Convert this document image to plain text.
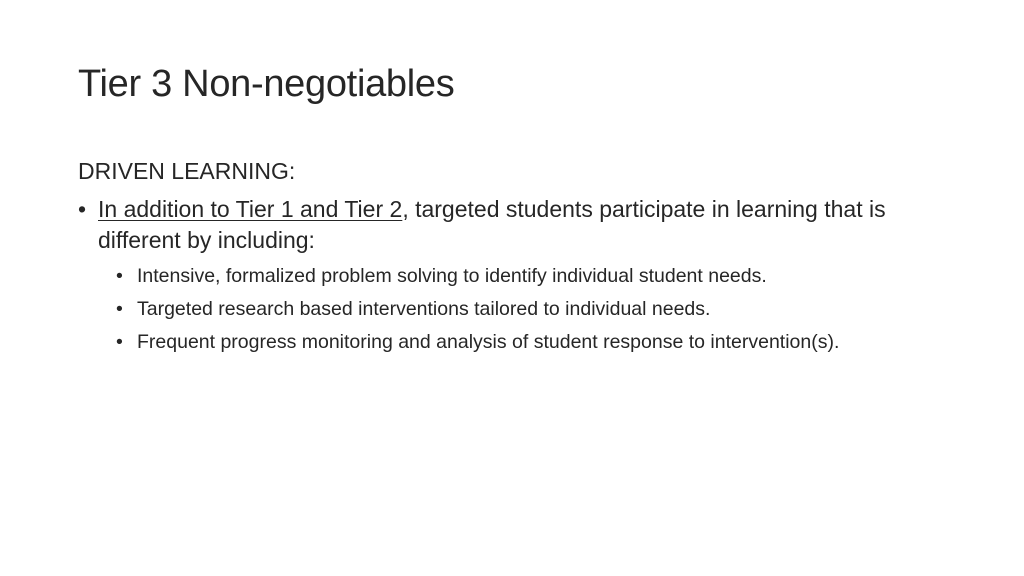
Tier 3 Non-negotiables
DRIVEN LEARNING:
• In addition to Tier 1 and Tier 2, targeted students participate in learning that is different by including:
• Intensive, formalized problem solving to identify individual student needs.
• Targeted research based interventions tailored to individual needs.
• Frequent progress monitoring and analysis of student response to intervention(s).
